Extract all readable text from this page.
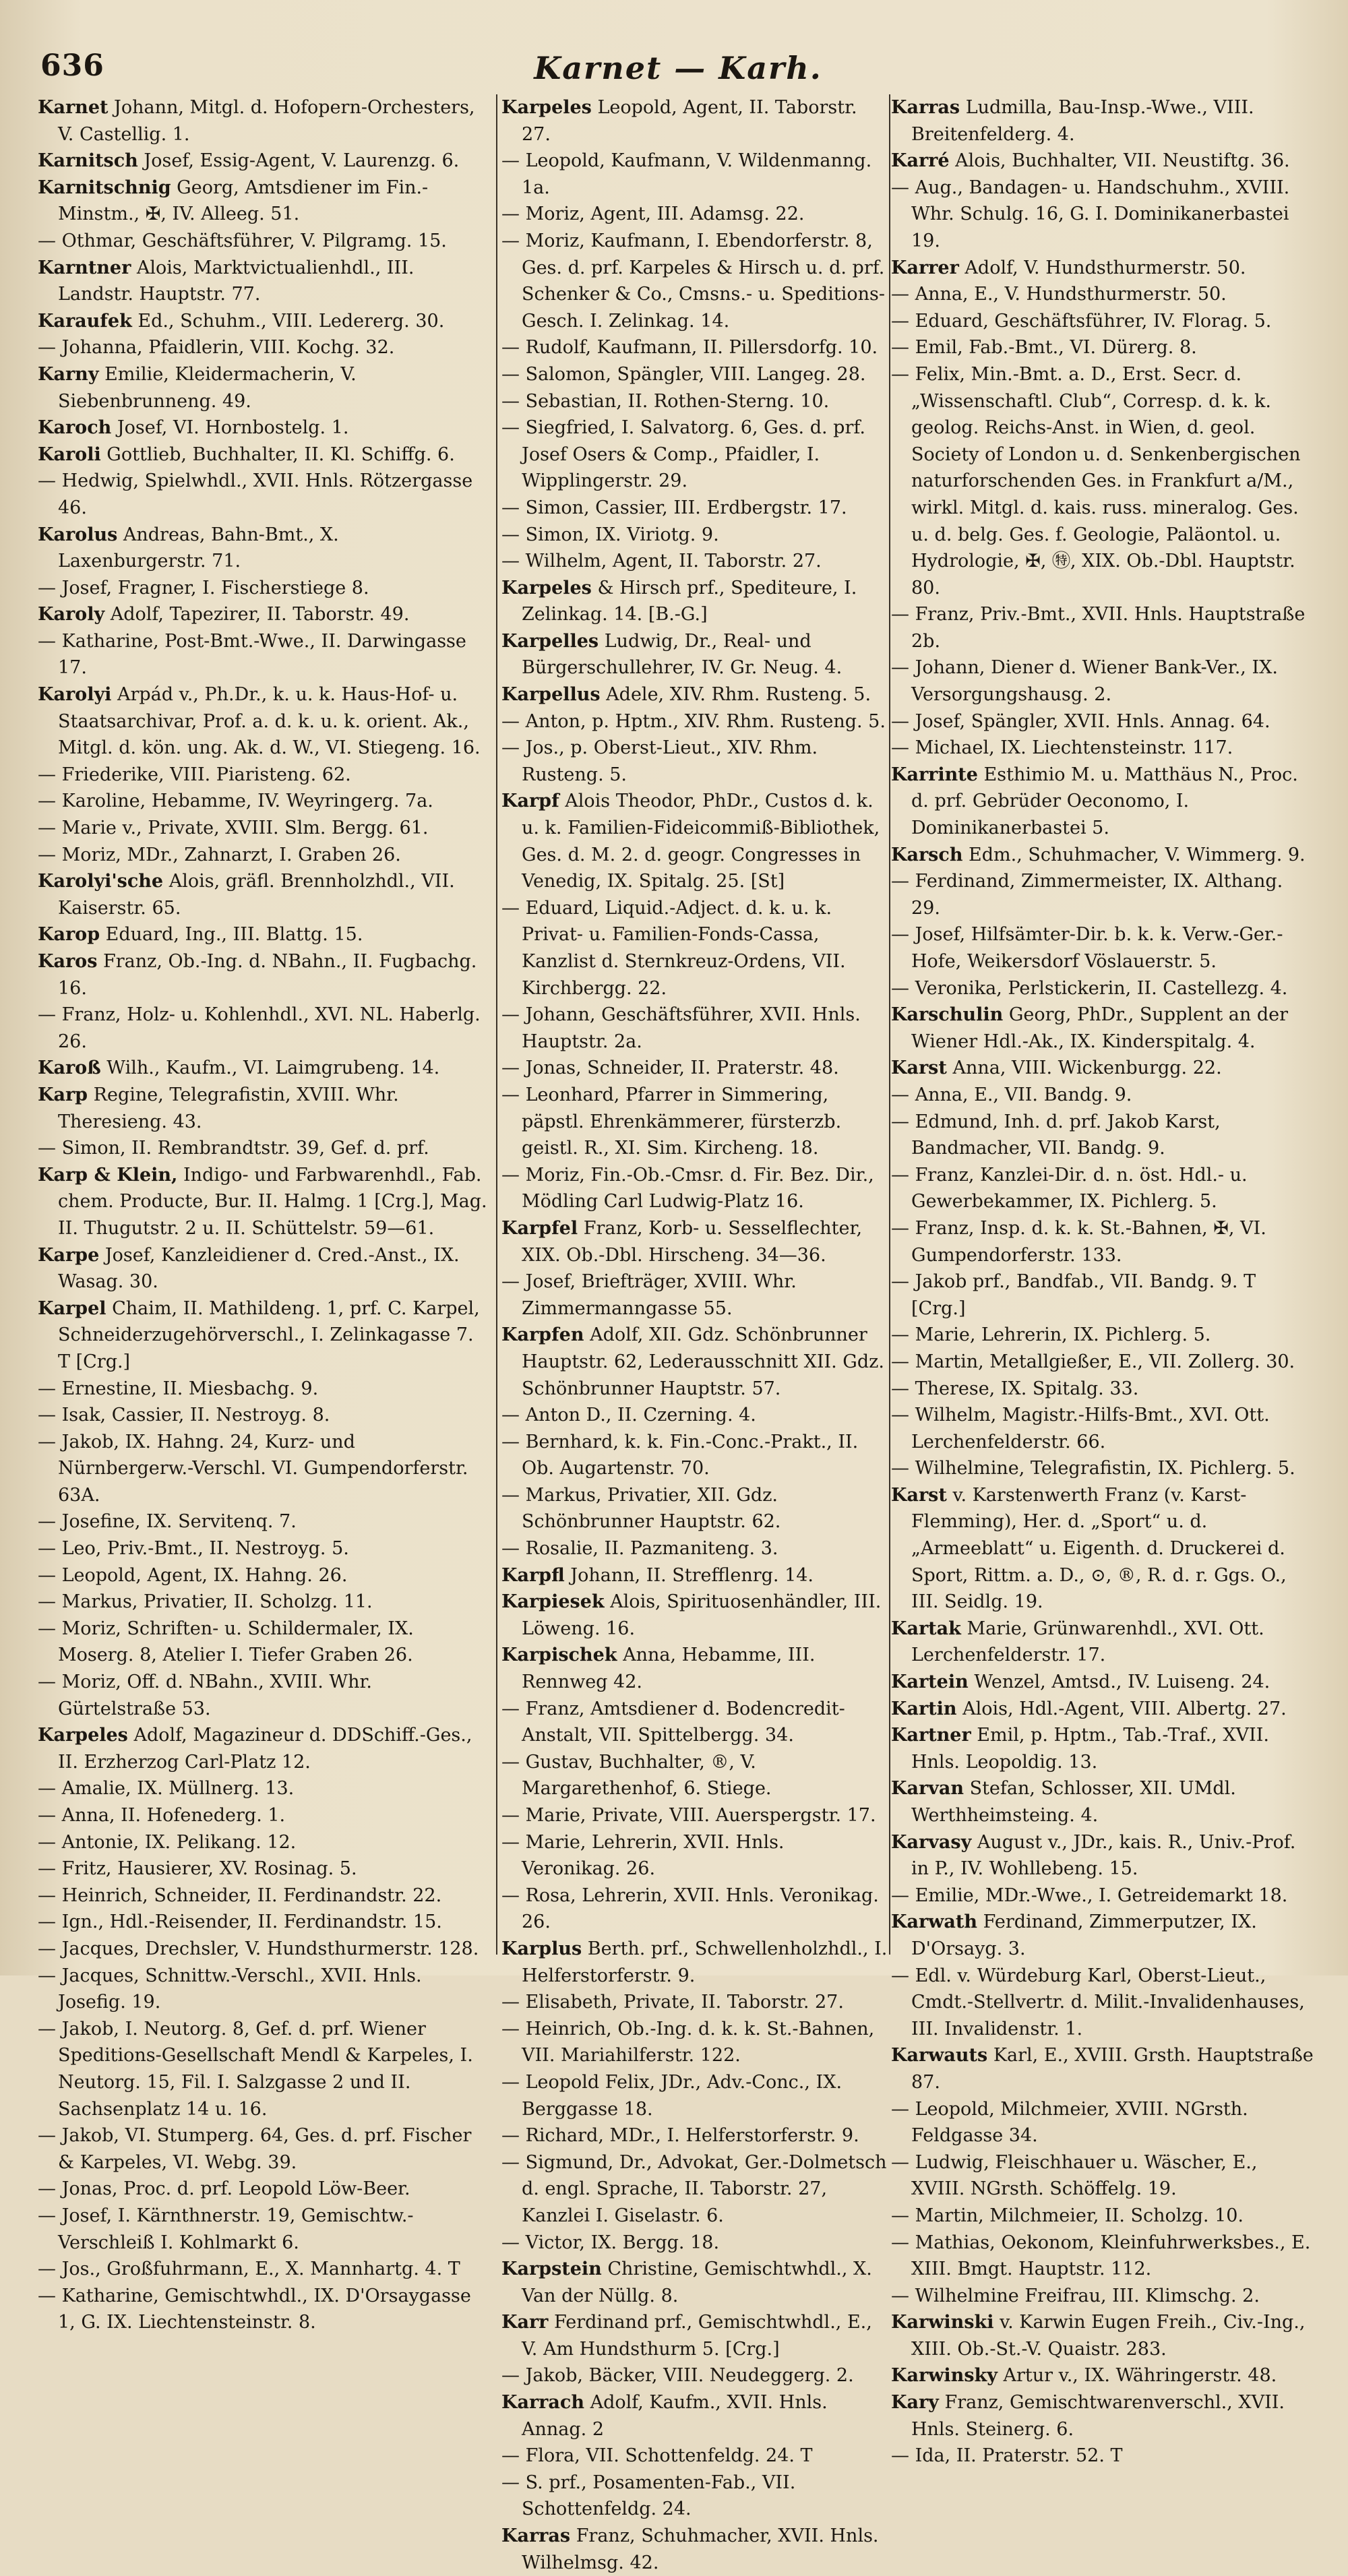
636	Karnet — Karh.

Karnet Johann, Mitgl. d. Hofopern-Orchesters, V. Castellig. 1.

Karnitsch Josef, Essig-Agent, V. Laurenzg. 6.

Karnitschnig Georg, Amtsdiener im Fin.-Minstm., ✠, IV. Alleeg. 51.

— Othmar, Geschäftsführer, V. Pilgramg. 15.

Karntner Alois, Marktvictualienhdl., III. Landstr. Hauptstr. 77.

Karaufek Ed., Schuhm., VIII. Ledererg. 30.

— Johanna, Pfaidlerin, VIII. Kochg. 32.

Karny Emilie, Kleidermacherin, V. Siebenbrunneng. 49.

Karoch Josef, VI. Hornbostelg. 1.

Karoli Gottlieb, Buchhalter, II. Kl. Schiffg. 6.

— Hedwig, Spielwhdl., XVII. Hnls. Rötzergasse 46.

Karolus Andreas, Bahn-Bmt., X. Laxenburgerstr. 71.

— Josef, Fragner, I. Fischerstiege 8.

Karoly Adolf, Tapezirer, II. Taborstr. 49.

— Katharine, Post-Bmt.-Wwe., II. Darwingasse 17.

Karolyi Arpád v., Ph.Dr., k. u. k. Haus-Hof- u. Staatsarchivar, Prof. a. d. k. u. k. orient. Ak., Mitgl. d. kön. ung. Ak. d. W., VI. Stiegeng. 16.

— Friederike, VIII. Piaristeng. 62.

— Karoline, Hebamme, IV. Weyringerg. 7a.

— Marie v., Private, XVIII. Slm. Bergg. 61.

— Moriz, MDr., Zahnarzt, I. Graben 26.

Karolyi'sche Alois, gräfl. Brennholzhdl., VII. Kaiserstr. 65.

Karop Eduard, Ing., III. Blattg. 15.

Karos Franz, Ob.-Ing. d. NBahn., II. Fugbachg. 16.

— Franz, Holz- u. Kohlenhdl., XVI. NL. Haberlg. 26.

Karoß Wilh., Kaufm., VI. Laimgrubeng. 14.

Karp Regine, Telegrafistin, XVIII. Whr. Theresieng. 43.

— Simon, II. Rembrandtstr. 39, Gef. d. prf.

Karp & Klein, Indigo- und Farbwarenhdl., Fab. chem. Producte, Bur. II. Halmg. 1 [Crg.], Mag. II. Thugutstr. 2 u. II. Schüttelstr. 59—61.

Karpe Josef, Kanzleidiener d. Cred.-Anst., IX. Wasag. 30.

Karpel Chaim, II. Mathildeng. 1, prf. C. Karpel, Schneiderzugehörverschl., I. Zelinkagasse 7. T [Crg.]

— Ernestine, II. Miesbachg. 9.

— Isak, Cassier, II. Nestroyg. 8.

— Jakob, IX. Hahng. 24, Kurz- und Nürnbergerw.-Verschl. VI. Gumpendorferstr. 63A.

— Josefine, IX. Servitenq. 7.

— Leo, Priv.-Bmt., II. Nestroyg. 5.

— Leopold, Agent, IX. Hahng. 26.

— Markus, Privatier, II. Scholzg. 11.

— Moriz, Schriften- u. Schildermaler, IX. Moserg. 8, Atelier I. Tiefer Graben 26.

— Moriz, Off. d. NBahn., XVIII. Whr. Gürtelstraße 53.

Karpeles Adolf, Magazineur d. DDSchiff.-Ges., II. Erzherzog Carl-Platz 12.

— Amalie, IX. Müllnerg. 13.

— Anna, II. Hofenederg. 1.

— Antonie, IX. Pelikang. 12.

— Fritz, Hausierer, XV. Rosinag. 5.

— Heinrich, Schneider, II. Ferdinandstr. 22.

— Ign., Hdl.-Reisender, II. Ferdinandstr. 15.

— Jacques, Drechsler, V. Hundsthurmerstr. 128.

— Jacques, Schnittw.-Verschl., XVII. Hnls. Josefig. 19.

— Jakob, I. Neutorg. 8, Gef. d. prf. Wiener Speditions-Gesellschaft Mendl & Karpeles, I. Neutorg. 15, Fil. I. Salzgasse 2 und II. Sachsenplatz 14 u. 16.

— Jakob, VI. Stumperg. 64, Ges. d. prf. Fischer & Karpeles, VI. Webg. 39.

— Jonas, Proc. d. prf. Leopold Löw-Beer.

— Josef, I. Kärnthnerstr. 19, Gemischtw.-Verschleiß I. Kohlmarkt 6.

— Jos., Großfuhrmann, E., X. Mannhartg. 4. T

— Katharine, Gemischtwhdl., IX. D'Orsaygasse 1, G. IX. Liechtensteinstr. 8.

Karpeles Leopold, Agent, II. Taborstr. 27.

— Leopold, Kaufmann, V. Wildenmanng. 1a.

— Moriz, Agent, III. Adamsg. 22.

— Moriz, Kaufmann, I. Ebendorferstr. 8, Ges. d. prf. Karpeles & Hirsch u. d. prf. Schenker & Co., Cmsns.- u. Speditions-Gesch. I. Zelinkag. 14.

— Rudolf, Kaufmann, II. Pillersdorfg. 10.

— Salomon, Spängler, VIII. Langeg. 28.

— Sebastian, II. Rothen-Sterng. 10.

— Siegfried, I. Salvatorg. 6, Ges. d. prf. Josef Osers & Comp., Pfaidler, I. Wipplingerstr. 29.

— Simon, Cassier, III. Erdbergstr. 17.

— Simon, IX. Viriotg. 9.

— Wilhelm, Agent, II. Taborstr. 27.

Karpeles & Hirsch prf., Spediteure, I. Zelinkag. 14. [B.-G.]

Karpelles Ludwig, Dr., Real- und Bürgerschullehrer, IV. Gr. Neug. 4.

Karpellus Adele, XIV. Rhm. Rusteng. 5.

— Anton, p. Hptm., XIV. Rhm. Rusteng. 5.

— Jos., p. Oberst-Lieut., XIV. Rhm. Rusteng. 5.

Karpf Alois Theodor, PhDr., Custos d. k. u. k. Familien-Fideicommiß-Bibliothek, Ges. d. M. 2. d. geogr. Congresses in Venedig, IX. Spitalg. 25. [St]

— Eduard, Liquid.-Adject. d. k. u. k. Privat- u. Familien-Fonds-Cassa, Kanzlist d. Sternkreuz-Ordens, VII. Kirchbergg. 22.

— Johann, Geschäftsführer, XVII. Hnls. Hauptstr. 2a.

— Jonas, Schneider, II. Praterstr. 48.

— Leonhard, Pfarrer in Simmering, päpstl. Ehrenkämmerer, fürsterzb. geistl. R., XI. Sim. Kircheng. 18.

— Moriz, Fin.-Ob.-Cmsr. d. Fir. Bez. Dir., Mödling Carl Ludwig-Platz 16.

Karpfel Franz, Korb- u. Sesselflechter, XIX. Ob.-Dbl. Hirscheng. 34—36.

— Josef, Briefträger, XVIII. Whr. Zimmermanngasse 55.

Karpfen Adolf, XII. Gdz. Schönbrunner Hauptstr. 62, Lederausschnitt XII. Gdz. Schönbrunner Hauptstr. 57.

— Anton D., II. Czerning. 4.

— Bernhard, k. k. Fin.-Conc.-Prakt., II. Ob. Augartenstr. 70.

— Markus, Privatier, XII. Gdz. Schönbrunner Hauptstr. 62.

— Rosalie, II. Pazmaniteng. 3.

Karpfl Johann, II. Strefflenrg. 14.

Karpiesek Alois, Spirituosenhändler, III. Löweng. 16.

Karpischek Anna, Hebamme, III. Rennweg 42.

— Franz, Amtsdiener d. Bodencredit-Anstalt, VII. Spittelbergg. 34.

— Gustav, Buchhalter, ®, V. Margarethenhof, 6. Stiege.

— Marie, Private, VIII. Auerspergstr. 17.

— Marie, Lehrerin, XVII. Hnls. Veronikag. 26.

— Rosa, Lehrerin, XVII. Hnls. Veronikag. 26.

Karplus Berth. prf., Schwellenholzhdl., I. Helferstorferstr. 9.

— Elisabeth, Private, II. Taborstr. 27.

— Heinrich, Ob.-Ing. d. k. k. St.-Bahnen, VII. Mariahilferstr. 122.

— Leopold Felix, JDr., Adv.-Conc., IX. Berggasse 18.

— Richard, MDr., I. Helferstorferstr. 9.

— Sigmund, Dr., Advokat, Ger.-Dolmetsch d. engl. Sprache, II. Taborstr. 27, Kanzlei I. Giselastr. 6.

— Victor, IX. Bergg. 18.

Karpstein Christine, Gemischtwhdl., X. Van der Nüllg. 8.

Karr Ferdinand prf., Gemischtwhdl., E., V. Am Hundsthurm 5. [Crg.]

— Jakob, Bäcker, VIII. Neudeggerg. 2.

Karrach Adolf, Kaufm., XVII. Hnls. Annag. 2

— Flora, VII. Schottenfeldg. 24. T

— S. prf., Posamenten-Fab., VII. Schottenfeldg. 24.

Karras Franz, Schuhmacher, XVII. Hnls. Wilhelmsg. 42.

Karras Ludmilla, Bau-Insp.-Wwe., VIII. Breitenfelderg. 4.

Karré Alois, Buchhalter, VII. Neustiftg. 36.

— Aug., Bandagen- u. Handschuhm., XVIII. Whr. Schulg. 16, G. I. Dominikanerbastei 19.

Karrer Adolf, V. Hundsthurmerstr. 50.

— Anna, E., V. Hundsthurmerstr. 50.

— Eduard, Geschäftsführer, IV. Florag. 5.

— Emil, Fab.-Bmt., VI. Dürerg. 8.

— Felix, Min.-Bmt. a. D., Erst. Secr. d. „Wissenschaftl. Club“, Corresp. d. k. k. geolog. Reichs-Anst. in Wien, d. geol. Society of London u. d. Senkenbergischen naturforschenden Ges. in Frankfurt a/M., wirkl. Mitgl. d. kais. russ. mineralog. Ges. u. d. belg. Ges. f. Geologie, Paläontol. u. Hydrologie, ✠, ㊕, XIX. Ob.-Dbl. Hauptstr. 80.

— Franz, Priv.-Bmt., XVII. Hnls. Hauptstraße 2b.

— Johann, Diener d. Wiener Bank-Ver., IX. Versorgungshausg. 2.

— Josef, Spängler, XVII. Hnls. Annag. 64.

— Michael, IX. Liechtensteinstr. 117.

Karrinte Esthimio M. u. Matthäus N., Proc. d. prf. Gebrüder Oeconomo, I. Dominikanerbastei 5.

Karsch Edm., Schuhmacher, V. Wimmerg. 9.

— Ferdinand, Zimmermeister, IX. Althang. 29.

— Josef, Hilfsämter-Dir. b. k. k. Verw.-Ger.-Hofe, Weikersdorf Vöslauerstr. 5.

— Veronika, Perlstickerin, II. Castellezg. 4.

Karschulin Georg, PhDr., Supplent an der Wiener Hdl.-Ak., IX. Kinderspitalg. 4.

Karst Anna, VIII. Wickenburgg. 22.

— Anna, E., VII. Bandg. 9.

— Edmund, Inh. d. prf. Jakob Karst, Bandmacher, VII. Bandg. 9.

— Franz, Kanzlei-Dir. d. n. öst. Hdl.- u. Gewerbekammer, IX. Pichlerg. 5.

— Franz, Insp. d. k. k. St.-Bahnen, ✠, VI. Gumpendorferstr. 133.

— Jakob prf., Bandfab., VII. Bandg. 9. T [Crg.]

— Marie, Lehrerin, IX. Pichlerg. 5.

— Martin, Metallgießer, E., VII. Zollerg. 30.

— Therese, IX. Spitalg. 33.

— Wilhelm, Magistr.-Hilfs-Bmt., XVI. Ott. Lerchenfelderstr. 66.

— Wilhelmine, Telegrafistin, IX. Pichlerg. 5.

Karst v. Karstenwerth Franz (v. Karst-Flemming), Her. d. „Sport“ u. d. „Armeeblatt“ u. Eigenth. d. Druckerei d. Sport, Rittm. a. D., ⊙, ®, R. d. r. Ggs. O., III. Seidlg. 19.

Kartak Marie, Grünwarenhdl., XVI. Ott. Lerchenfelderstr. 17.

Kartein Wenzel, Amtsd., IV. Luiseng. 24.

Kartin Alois, Hdl.-Agent, VIII. Albertg. 27.

Kartner Emil, p. Hptm., Tab.-Traf., XVII. Hnls. Leopoldig. 13.

Karvan Stefan, Schlosser, XII. UMdl. Werthheimsteing. 4.

Karvasy August v., JDr., kais. R., Univ.-Prof. in P., IV. Wohllebeng. 15.

— Emilie, MDr.-Wwe., I. Getreidemarkt 18.

Karwath Ferdinand, Zimmerputzer, IX. D'Orsayg. 3.

— Edl. v. Würdeburg Karl, Oberst-Lieut., Cmdt.-Stellvertr. d. Milit.-Invalidenhauses, III. Invalidenstr. 1.

Karwauts Karl, E., XVIII. Grsth. Hauptstraße 87.

— Leopold, Milchmeier, XVIII. NGrsth. Feldgasse 34.

— Ludwig, Fleischhauer u. Wäscher, E., XVIII. NGrsth. Schöffelg. 19.

— Martin, Milchmeier, II. Scholzg. 10.

— Mathias, Oekonom, Kleinfuhrwerksbes., E. XIII. Bmgt. Hauptstr. 112.

— Wilhelmine Freifrau, III. Klimschg. 2.

Karwinski v. Karwin Eugen Freih., Civ.-Ing., XIII. Ob.-St.-V. Quaistr. 283.

Karwinsky Artur v., IX. Währingerstr. 48.

Kary Franz, Gemischtwarenverschl., XVII. Hnls. Steinerg. 6.

— Ida, II. Praterstr. 52. T
